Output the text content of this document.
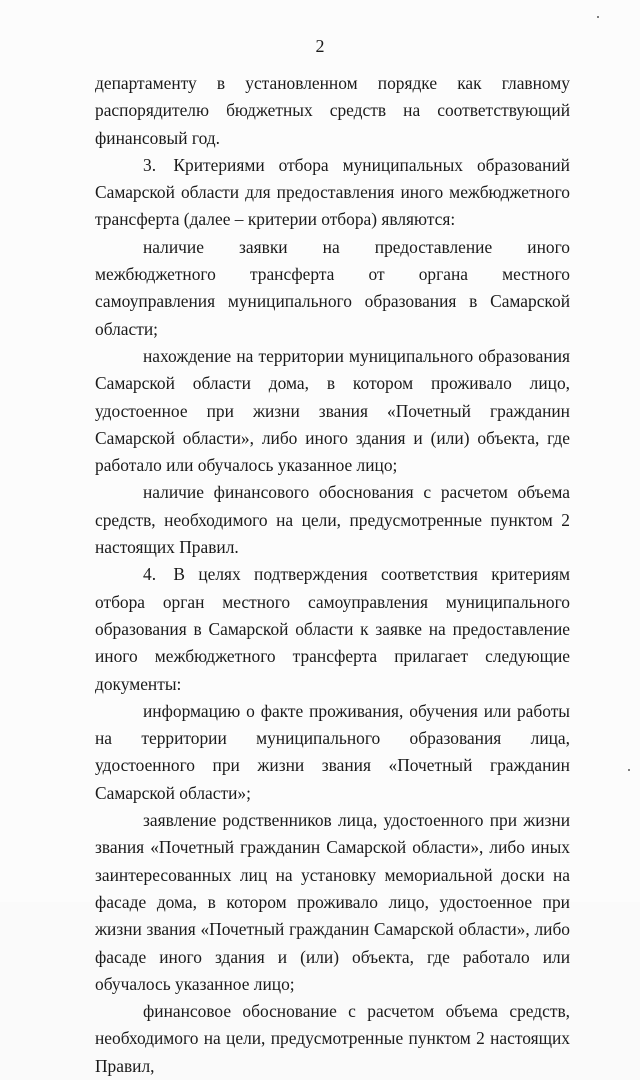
2

департаменту в установленном порядке как главному распорядителю бюджетных средств на соответствующий финансовый год.

3. Критериями отбора муниципальных образований Самарской области для предоставления иного межбюджетного трансферта (далее – критерии отбора) являются:

наличие заявки на предоставление иного межбюджетного трансферта от органа местного самоуправления муниципального образования в Самарской области;

нахождение на территории муниципального образования Самарской области дома, в котором проживало лицо, удостоенное при жизни звания «Почетный гражданин Самарской области», либо иного здания и (или) объекта, где работало или обучалось указанное лицо;

наличие финансового обоснования с расчетом объема средств, необходимого на цели, предусмотренные пунктом 2 настоящих Правил.

4. В целях подтверждения соответствия критериям отбора орган местного самоуправления муниципального образования в Самарской области к заявке на предоставление иного межбюджетного трансферта прилагает следующие документы:

информацию о факте проживания, обучения или работы на территории муниципального образования лица, удостоенного при жизни звания «Почетный гражданин Самарской области»;

заявление родственников лица, удостоенного при жизни звания «Почетный гражданин Самарской области», либо иных заинтересованных лиц на установку мемориальной доски на фасаде дома, в котором проживало лицо, удостоенное при жизни звания «Почетный гражданин Самарской области», либо фасаде иного здания и (или) объекта, где работало или обучалось указанное лицо;

финансовое обоснование с расчетом объема средств, необходимого на цели, предусмотренные пунктом 2 настоящих Правил,
